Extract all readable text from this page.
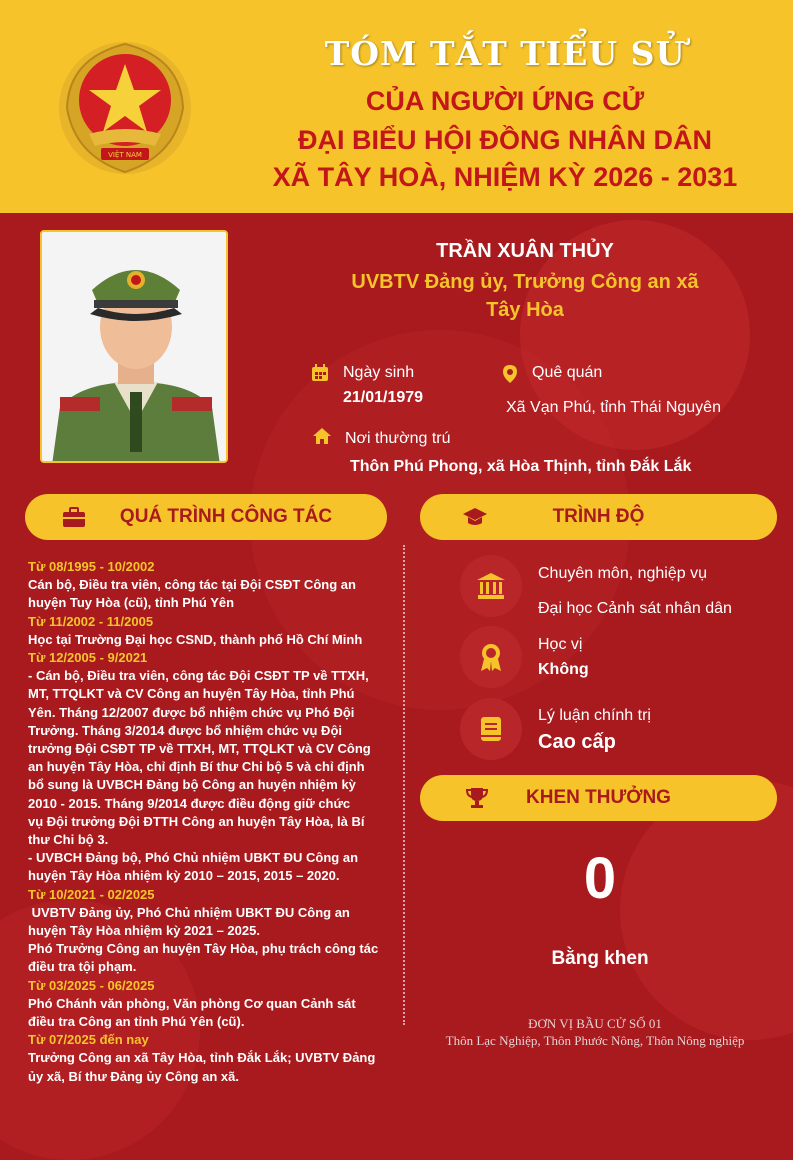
VIỆT NAM
TÓM TẮT TIỂU SỬ
CỦA NGƯỜI ỨNG CỬ
ĐẠI BIỂU HỘI ĐỒNG NHÂN DÂN
XÃ TÂY HOÀ, NHIỆM KỲ 2026 - 2031
TRẦN XUÂN THỦY
UVBTV Đảng ủy, Trưởng Công an xã
Tây Hòa
Ngày sinh
21/01/1979
Quê quán
Xã Vạn Phú, tỉnh Thái Nguyên
Nơi thường trú
Thôn Phú Phong, xã Hòa Thịnh, tỉnh Đắk Lắk
QUÁ TRÌNH CÔNG TÁC	TRÌNH ĐỘ
Từ 08/1995 - 10/2002
Cán bộ, Điều tra viên, công tác tại Đội CSĐT Công an
huyện Tuy Hòa (cũ), tỉnh Phú Yên
Từ 11/2002 - 11/2005
Học tại Trường Đại học CSND, thành phố Hồ Chí Minh
Từ 12/2005 - 9/2021
- Cán bộ, Điều tra viên, công tác Đội CSĐT TP về TTXH,
MT, TTQLKT và CV Công an huyện Tây Hòa, tỉnh Phú
Yên. Tháng 12/2007 được bổ nhiệm chức vụ Phó Đội
Trưởng. Tháng 3/2014 được bổ nhiệm chức vụ Đội
trưởng Đội CSĐT TP về TTXH, MT, TTQLKT và CV Công
an huyện Tây Hòa, chỉ định Bí thư Chi bộ 5 và chỉ định
bổ sung là UVBCH Đảng bộ Công an huyện nhiệm kỳ
2010 - 2015. Tháng 9/2014 được điều động giữ chức
vụ Đội trưởng Đội ĐTTH Công an huyện Tây Hòa, là Bí
thư Chi bộ 3.
- UVBCH Đảng bộ, Phó Chủ nhiệm UBKT ĐU Công an
huyện Tây Hòa nhiệm kỳ 2010 – 2015, 2015 – 2020.
Từ 10/2021 - 02/2025
UVBTV Đảng ủy, Phó Chủ nhiệm UBKT ĐU Công an
huyện Tây Hòa nhiệm kỳ 2021 – 2025.
Phó Trưởng Công an huyện Tây Hòa, phụ trách công tác
điều tra tội phạm.
Từ 03/2025 - 06/2025
Phó Chánh văn phòng, Văn phòng Cơ quan Cảnh sát
điều tra Công an tỉnh Phú Yên (cũ).
Từ 07/2025 đến nay
Trưởng Công an xã Tây Hòa, tỉnh Đắk Lắk; UVBTV Đảng
ủy xã, Bí thư Đảng ủy Công an xã.
Chuyên môn, nghiệp vụ
Đại học Cảnh sát nhân dân
Học vị
Không
Lý luận chính trị
Cao cấp
KHEN THƯỞNG
0
Bằng khen
ĐƠN VỊ BẦU CỬ SỐ 01
Thôn Lạc Nghiệp, Thôn Phước Nông, Thôn Nông nghiệp
